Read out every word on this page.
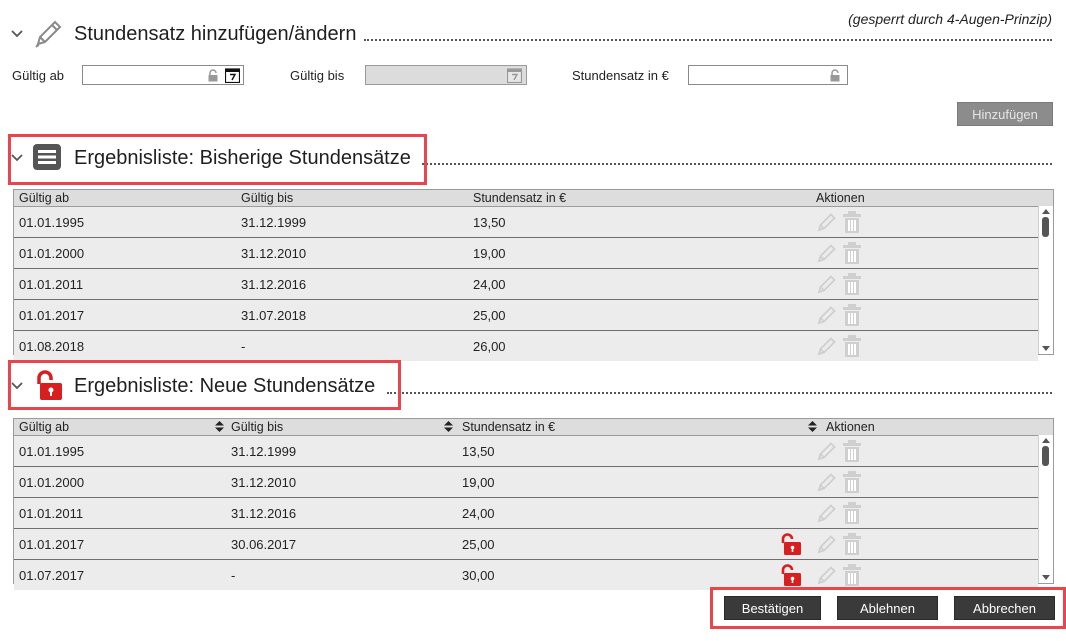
Stundensatz hinzufügen/ändern
(gesperrt durch 4-Augen-Prinzip)
Gültig ab	Gültig bis	Stundensatz in €
Hinzufügen
Ergebnisliste: Bisherige Stundensätze
Gültig ab	Gültig bis	Stundensatz in €	Aktionen
01.01.1995	31.12.1999	13,50
01.01.2000	31.12.2010	19,00
01.01.2011	31.12.2016	24,00
01.01.2017	31.07.2018	25,00
01.08.2018	-	26,00
Ergebnisliste: Neue Stundensätze
Gültig ab	Gültig bis	Stundensatz in €	Aktionen
01.01.1995	31.12.1999	13,50
01.01.2000	31.12.2010	19,00
01.01.2011	31.12.2016	24,00
01.01.2017	30.06.2017	25,00
01.07.2017	-	30,00
Bestätigen	Ablehnen	Abbrechen
